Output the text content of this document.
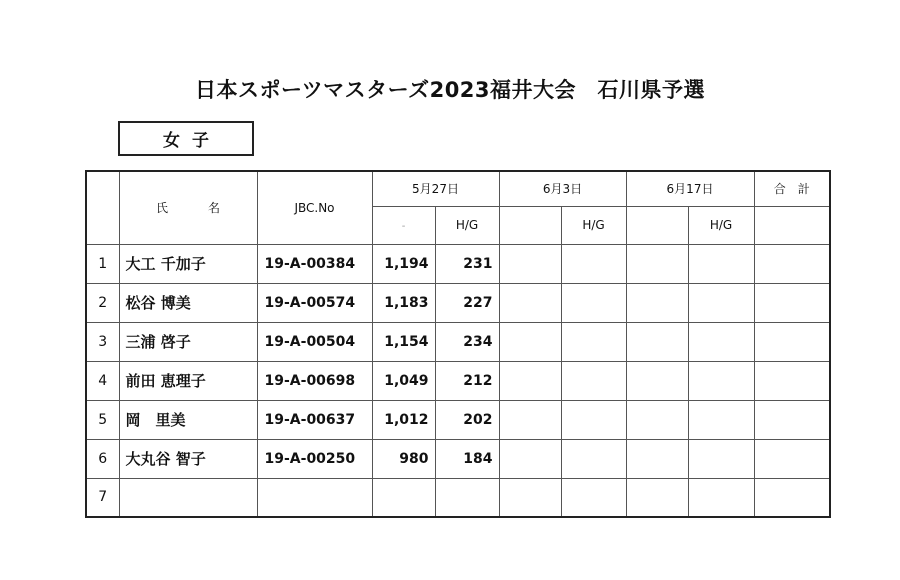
日本スポーツマスターズ2023福井大会　石川県予選
女子
	氏　名	JBC.No	5月27日		6月3日		6月17日		合　計
			-	H/G		H/G		H/G	
1	大工 千加子	19-A-00384	1,194	231					
2	松谷 博美	19-A-00574	1,183	227					
3	三浦 啓子	19-A-00504	1,154	234					
4	前田 恵理子	19-A-00698	1,049	212					
5	岡　里美	19-A-00637	1,012	202					
6	大丸谷 智子	19-A-00250	980	184					
7									
